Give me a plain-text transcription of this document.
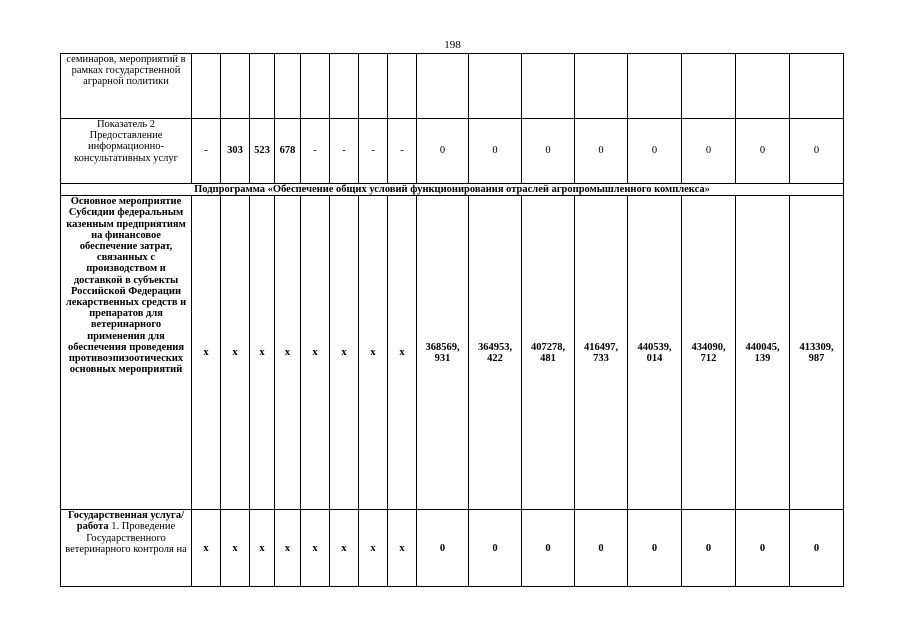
198
семинаров, мероприятий в рамках государственной аграрной политики																
Показатель 2 Предоставление информационно-консультативных услуг	-	303	523	678	-	-	-	-	0	0	0	0	0	0	0	0
Подпрограмма «Обеспечение общих условий функционирования отраслей агропромышленного комплекса»																
Основное мероприятие Субсидии федеральным казенным предприятиям на финансовое обеспечение затрат, связанных с производством и доставкой в субъекты Российской Федерации лекарственных средств и препаратов для ветеринарного применения для обеспечения проведения противоэпизоотических основных мероприятий	x	x	x	x	x	x	x	x	368569, 931	364953, 422	407278, 481	416497, 733	440539, 014	434090, 712	440045, 139	413309, 987
Государственная услуга/работа 1. Проведение Государственного ветеринарного контроля на	x	x	x	x	x	x	x	x	0	0	0	0	0	0	0	0
